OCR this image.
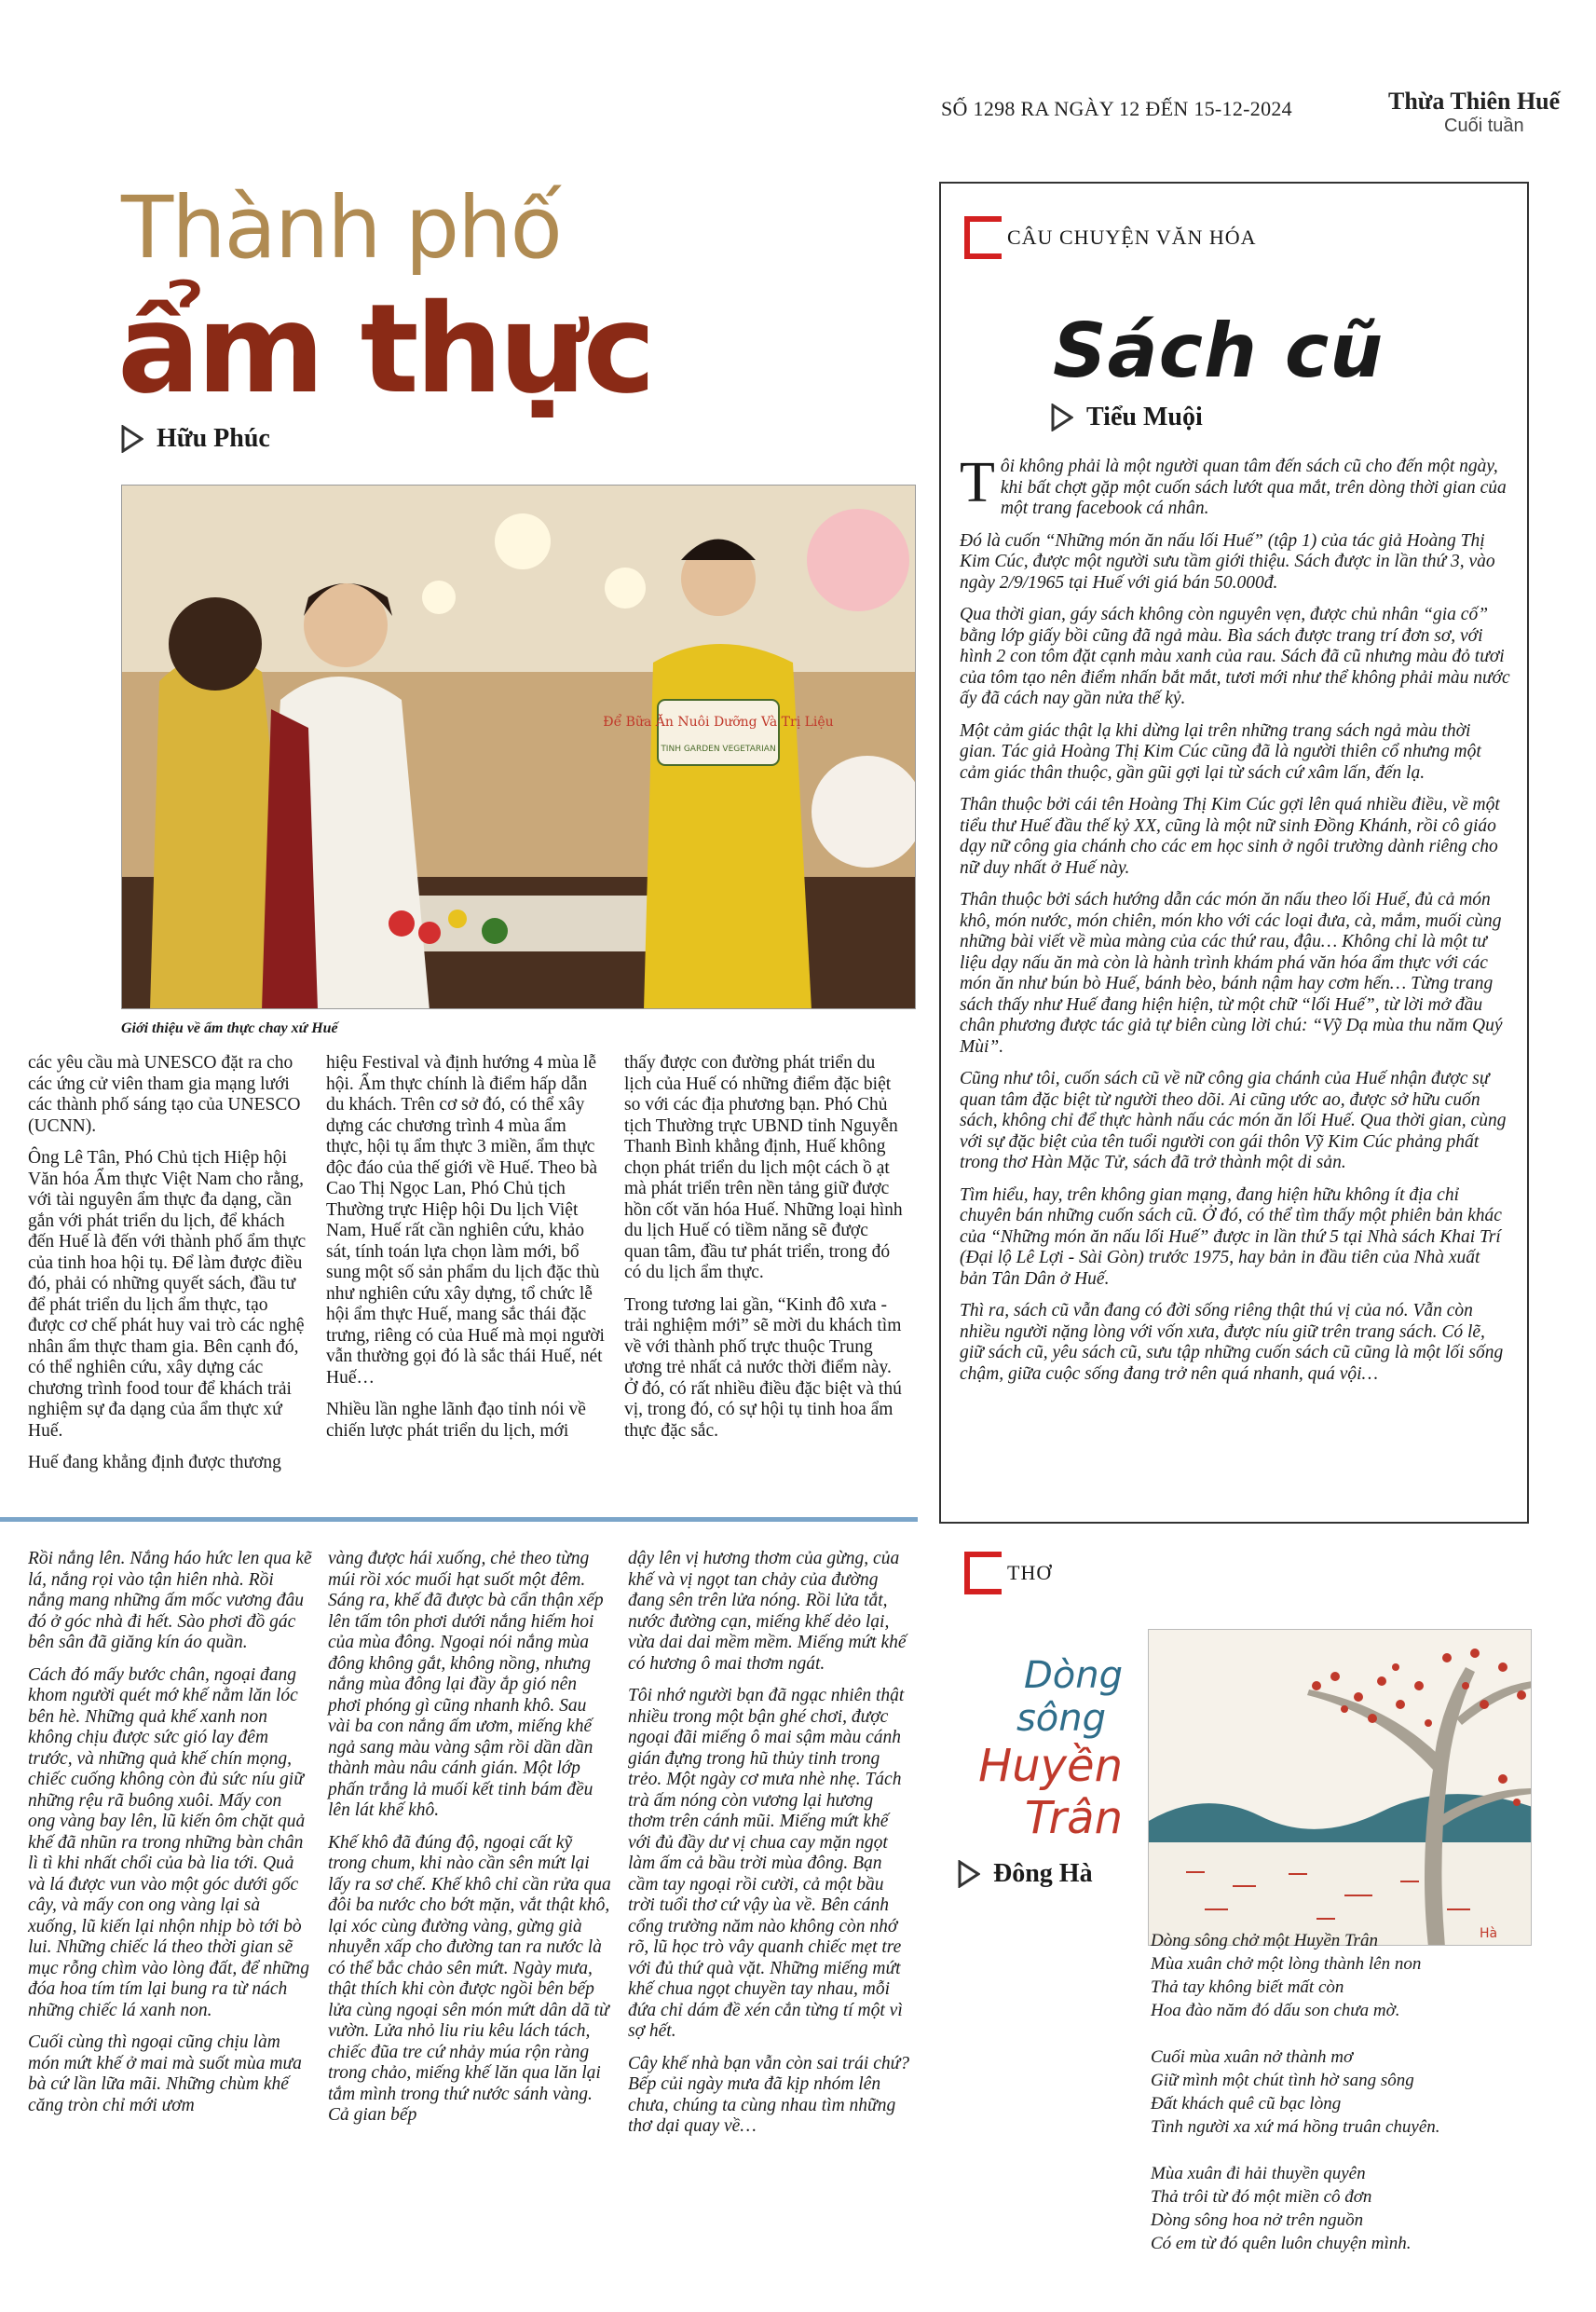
SỐ 1298 RA NGÀY 12 ĐẾN 15-12-2024	Thừa Thiên Huế
Cuối tuần
Thành phố
ẩm thực
Hữu Phúc
Để Bữa Ăn Nuôi Dưỡng Và Trị Liệu
TINH GARDEN VEGETARIAN
Giới thiệu về ẩm thực chay xứ Huế

các yêu cầu mà UNESCO đặt ra cho các ứng cử viên tham gia mạng lưới các thành phố sáng tạo của UNESCO (UCNN).

Ông Lê Tân, Phó Chủ tịch Hiệp hội Văn hóa Ẩm thực Việt Nam cho rằng, với tài nguyên ẩm thực đa dạng, cần gắn với phát triển du lịch, để khách đến Huế là đến với thành phố ẩm thực của tinh hoa hội tụ. Để làm được điều đó, phải có những quyết sách, đầu tư để phát triển du lịch ẩm thực, tạo được cơ chế phát huy vai trò các nghệ nhân ẩm thực tham gia. Bên cạnh đó, có thể nghiên cứu, xây dựng các chương trình food tour để khách trải nghiệm sự đa dạng của ẩm thực xứ Huế.

Huế đang khẳng định được thương

hiệu Festival và định hướng 4 mùa lễ hội. Ẩm thực chính là điểm hấp dẫn du khách. Trên cơ sở đó, có thể xây dựng các chương trình 4 mùa ẩm thực, hội tụ ẩm thực 3 miền, ẩm thực độc đáo của thế giới về Huế. Theo bà Cao Thị Ngọc Lan, Phó Chủ tịch Thường trực Hiệp hội Du lịch Việt Nam, Huế rất cần nghiên cứu, khảo sát, tính toán lựa chọn làm mới, bổ sung một số sản phẩm du lịch đặc thù như nghiên cứu xây dựng, tổ chức lễ hội ẩm thực Huế, mang sắc thái đặc trưng, riêng có của Huế mà mọi người vẫn thường gọi đó là sắc thái Huế, nét Huế…

Nhiều lần nghe lãnh đạo tỉnh nói về chiến lược phát triển du lịch, mới

thấy được con đường phát triển du lịch của Huế có những điểm đặc biệt so với các địa phương bạn. Phó Chủ tịch Thường trực UBND tỉnh Nguyễn Thanh Bình khẳng định, Huế không chọn phát triển du lịch một cách ồ ạt mà phát triển trên nền tảng giữ được hồn cốt văn hóa Huế. Những loại hình du lịch Huế có tiềm năng sẽ được quan tâm, đầu tư phát triển, trong đó có du lịch ẩm thực.

Trong tương lai gần, “Kinh đô xưa - trải nghiệm mới” sẽ mời du khách tìm về với thành phố trực thuộc Trung ương trẻ nhất cả nước thời điểm này. Ở đó, có rất nhiều điều đặc biệt và thú vị, trong đó, có sự hội tụ tinh hoa ẩm thực đặc sắc.

CÂU CHUYỆN VĂN HÓA
Sách cũ
Tiểu Muội

Tôi không phải là một người quan tâm đến sách cũ cho đến một ngày, khi bất chợt gặp một cuốn sách lướt qua mắt, trên dòng thời gian của một trang facebook cá nhân.

Đó là cuốn “Những món ăn nấu lối Huế” (tập 1) của tác giả Hoàng Thị Kim Cúc, được một người sưu tầm giới thiệu. Sách được in lần thứ 3, vào ngày 2/9/1965 tại Huế với giá bán 50.000đ.

Qua thời gian, gáy sách không còn nguyên vẹn, được chủ nhân “gia cố” bằng lớp giấy bồi cũng đã ngả màu. Bìa sách được trang trí đơn sơ, với hình 2 con tôm đặt cạnh màu xanh của rau. Sách đã cũ nhưng màu đỏ tươi của tôm tạo nên điểm nhấn bắt mắt, tươi mới như thể không phải màu nước ấy đã cách nay gần nửa thế kỷ.

Một cảm giác thật lạ khi dừng lại trên những trang sách ngả màu thời gian. Tác giả Hoàng Thị Kim Cúc cũng đã là người thiên cổ nhưng một cảm giác thân thuộc, gần gũi gợi lại từ sách cứ xâm lấn, đến lạ.

Thân thuộc bởi cái tên Hoàng Thị Kim Cúc gợi lên quá nhiều điều, về một tiểu thư Huế đầu thế kỷ XX, cũng là một nữ sinh Đồng Khánh, rồi cô giáo dạy nữ công gia chánh cho các em học sinh ở ngôi trường dành riêng cho nữ duy nhất ở Huế này.

Thân thuộc bởi sách hướng dẫn các món ăn nấu theo lối Huế, đủ cả món khô, món nước, món chiên, món kho với các loại đưa, cà, mắm, muối cùng những bài viết về mùa màng của các thứ rau, đậu… Không chỉ là một tư liệu dạy nấu ăn mà còn là hành trình khám phá văn hóa ẩm thực với các món ăn như bún bò Huế, bánh bèo, bánh nậm hay cơm hến… Từng trang sách thấy như Huế đang hiện hiện, từ một chữ “lối Huế”, từ lời mở đầu chân phương được tác giả tự biên cùng lời chú: “Vỹ Dạ mùa thu năm Quý Mùi”.

Cũng như tôi, cuốn sách cũ về nữ công gia chánh của Huế nhận được sự quan tâm đặc biệt từ người theo dõi. Ai cũng ước ao, được sở hữu cuốn sách, không chỉ để thực hành nấu các món ăn lối Huế. Qua thời gian, cùng với sự đặc biệt của tên tuổi người con gái thôn Vỹ Kim Cúc phảng phất trong thơ Hàn Mặc Tử, sách đã trở thành một di sản.

Tìm hiểu, hay, trên không gian mạng, đang hiện hữu không ít địa chỉ chuyên bán những cuốn sách cũ. Ở đó, có thể tìm thấy một phiên bản khác của “Những món ăn nấu lối Huế” được in lần thứ 5 tại Nhà sách Khai Trí (Đại lộ Lê Lợi - Sài Gòn) trước 1975, hay bản in đầu tiên của Nhà xuất bản Tân Dân ở Huế.

Thì ra, sách cũ vẫn đang có đời sống riêng thật thú vị của nó. Vẫn còn nhiều người nặng lòng với vốn xưa, được níu giữ trên trang sách. Có lẽ, giữ sách cũ, yêu sách cũ, sưu tập những cuốn sách cũ cũng là một lối sống chậm, giữa cuộc sống đang trở nên quá nhanh, quá vội…

Rồi nắng lên. Nắng háo hức len qua kẽ lá, nắng rọi vào tận hiên nhà. Rồi nắng mang những ấm mốc vương đâu đó ở góc nhà đi hết. Sào phơi đồ gác bên sân đã giăng kín áo quần.

Cách đó mấy bước chân, ngoại đang khom người quét mớ khế nằm lăn lóc bên hè. Những quả khế xanh non không chịu được sức gió lay đêm trước, và những quả khế chín mọng, chiếc cuống không còn đủ sức níu giữ những rệu rã buông xuôi. Mấy con ong vàng bay lên, lũ kiến ôm chặt quả khế đã nhũn ra trong những bàn chân lì tì khi nhất chổi của bà lia tới. Quả và lá được vun vào một góc dưới gốc cây, và mấy con ong vàng lại sà xuống, lũ kiến lại nhộn nhịp bò tới bò lui. Những chiếc lá theo thời gian sẽ mục rỗng chìm vào lòng đất, để những đóa hoa tím tím lại bung ra từ nách những chiếc lá xanh non.

Cuối cùng thì ngoại cũng chịu làm món mứt khế ở mai mà suốt mùa mưa bà cứ lần lữa mãi. Những chùm khế căng tròn chỉ mới ươm

vàng được hái xuống, chẻ theo từng múi rồi xóc muối hạt suốt một đêm. Sáng ra, khế đã được bà cẩn thận xếp lên tấm tôn phơi dưới nắng hiếm hoi của mùa đông. Ngoại nói nắng mùa đông không gắt, không nồng, nhưng nắng mùa đông lại đầy ắp gió nên phơi phóng gì cũng nhanh khô. Sau vài ba con nắng ấm ươm, miếng khế ngả sang màu vàng sậm rồi dần dần thành màu nâu cánh gián. Một lớp phấn trắng lả muối kết tinh bám đều lên lát khế khô.

Khế khô đã đúng độ, ngoại cất kỹ trong chum, khi nào cần sên mứt lại lấy ra sơ chế. Khế khô chỉ cần rửa qua đôi ba nước cho bớt mặn, vắt thật khô, lại xóc cùng đường vàng, gừng già nhuyễn xấp cho đường tan ra nước là có thể bắc chảo sên mứt. Ngày mưa, thật thích khi còn được ngồi bên bếp lửa cùng ngoại sên món mứt dân dã từ vườn. Lửa nhỏ liu riu kêu lách tách, chiếc đũa tre cứ nhảy múa rộn ràng trong chảo, miếng khế lăn qua lăn lại tắm mình trong thứ nước sánh vàng. Cả gian bếp

dậy lên vị hương thơm của gừng, của khế và vị ngọt tan chảy của đường đang sên trên lửa nóng. Rồi lửa tắt, nước đường cạn, miếng khế dẻo lại, vừa dai dai mềm mềm. Miếng mứt khế có hương ô mai thơm ngát.

Tôi nhớ người bạn đã ngạc nhiên thật nhiều trong một bận ghé chơi, được ngoại đãi miếng ô mai sậm màu cánh gián đựng trong hũ thủy tinh trong trẻo. Một ngày cơ mưa nhè nhẹ. Tách trà ấm nóng còn vương lại hương thơm trên cánh mũi. Miếng mứt khế với đủ đầy dư vị chua cay mặn ngọt làm ấm cả bầu trời mùa đông. Bạn cầm tay ngoại rồi cười, cả một bầu trời tuổi thơ cứ vậy ùa về. Bên cánh cổng trường năm nào không còn nhớ rõ, lũ học trò vây quanh chiếc mẹt tre với đủ thứ quà vặt. Những miếng mứt khế chua ngọt chuyền tay nhau, mỗi đứa chỉ dám đề xén cắn từng tí một vì sợ hết.

Cây khế nhà bạn vẫn còn sai trái chứ? Bếp củi ngày mưa đã kịp nhóm lên chưa, chúng ta cùng nhau tìm những thơ dại quay về…

THƠ
Dòng
sông
Huyền
Trân
Đông Hà
Hà

Dòng sông chở một Huyền Trân
Mùa xuân chở một lòng thành lên non
Thả tay không biết mất còn
Hoa đào năm đó dấu son chưa mờ.

Cuối mùa xuân nở thành mơ
Giữ mình một chút tình hờ sang sông
Đất khách quê cũ bạc lòng
Tình người xa xứ má hồng truân chuyên.

Mùa xuân đi hải thuyền quyên
Thả trôi từ đó một miền cô đơn
Dòng sông hoa nở trên nguồn
Có em từ đó quên luôn chuyện mình.
